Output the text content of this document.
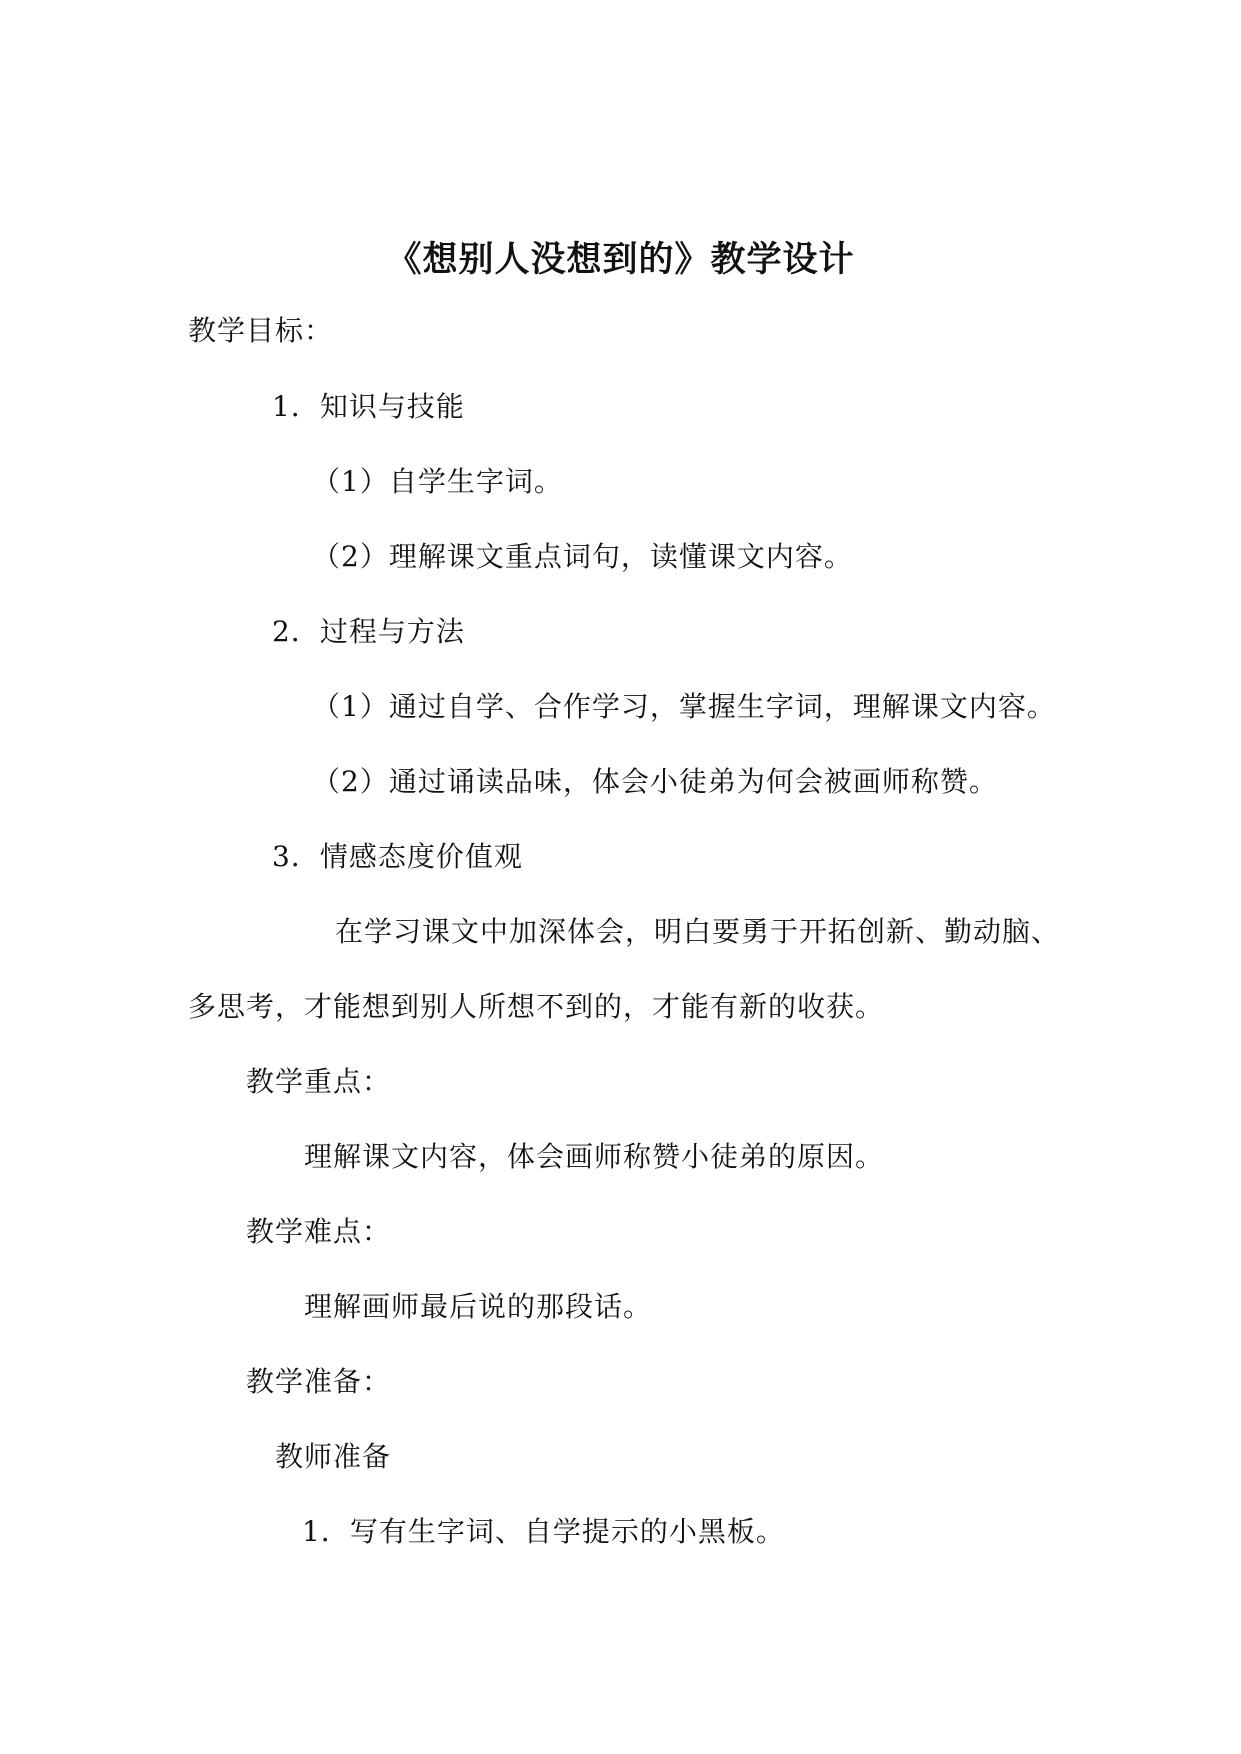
《想别人没想到的》教学设计
教学目标：
1．知识与技能
（1）自学生字词。
（2）理解课文重点词句，读懂课文内容。
2．过程与方法
（1）通过自学、合作学习，掌握生字词，理解课文内容。
（2）通过诵读品味，体会小徒弟为何会被画师称赞。
3．情感态度价值观
在学习课文中加深体会，明白要勇于开拓创新、勤动脑、
多思考，才能想到别人所想不到的，才能有新的收获。
教学重点：
理解课文内容，体会画师称赞小徒弟的原因。
教学难点：
理解画师最后说的那段话。
教学准备：
教师准备
1．写有生字词、自学提示的小黑板。
